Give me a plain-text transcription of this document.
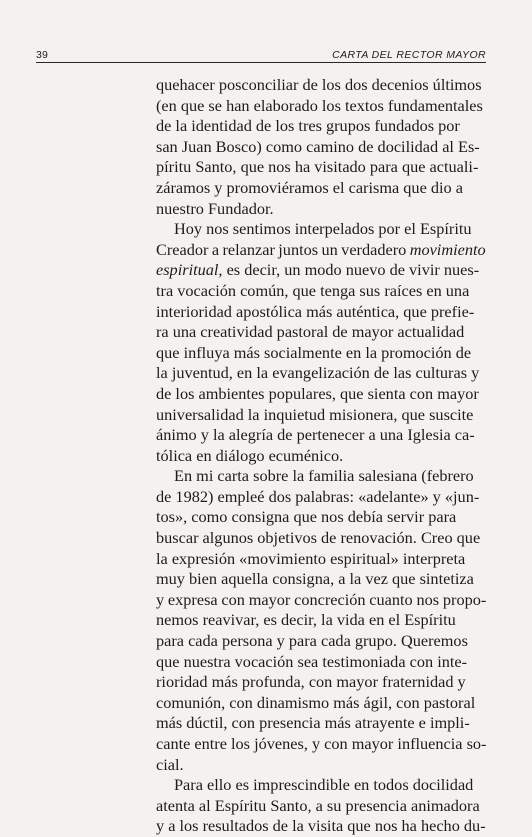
39	CARTA DEL RECTOR MAYOR
quehacer posconciliar de los dos decenios últimos
(en que se han elaborado los textos fundamentales
de la identidad de los tres grupos fundados por
san Juan Bosco) como camino de docilidad al Es-
píritu Santo, que nos ha visitado para que actuali-
záramos y promoviéramos el carisma que dio a
nuestro Fundador.
Hoy nos sentimos interpelados por el Espíritu
Creador a relanzar juntos un verdadero movimiento
espiritual, es decir, un modo nuevo de vivir nues-
tra vocación común, que tenga sus raíces en una
interioridad apostólica más auténtica, que prefie-
ra una creatividad pastoral de mayor actualidad
que influya más socialmente en la promoción de
la juventud, en la evangelización de las culturas y
de los ambientes populares, que sienta con mayor
universalidad la inquietud misionera, que suscite
ánimo y la alegría de pertenecer a una Iglesia ca-
tólica en diálogo ecuménico.
En mi carta sobre la familia salesiana (febrero
de 1982) empleé dos palabras: «adelante» y «jun-
tos», como consigna que nos debía servir para
buscar algunos objetivos de renovación. Creo que
la expresión «movimiento espiritual» interpreta
muy bien aquella consigna, a la vez que sintetiza
y expresa con mayor concreción cuanto nos propo-
nemos reavivar, es decir, la vida en el Espíritu
para cada persona y para cada grupo. Queremos
que nuestra vocación sea testimoniada con inte-
rioridad más profunda, con mayor fraternidad y
comunión, con dinamismo más ágil, con pastoral
más dúctil, con presencia más atrayente e impli-
cante entre los jóvenes, y con mayor influencia so-
cial.
Para ello es imprescindible en todos docilidad
atenta al Espíritu Santo, a su presencia animadora
y a los resultados de la visita que nos ha hecho du-
